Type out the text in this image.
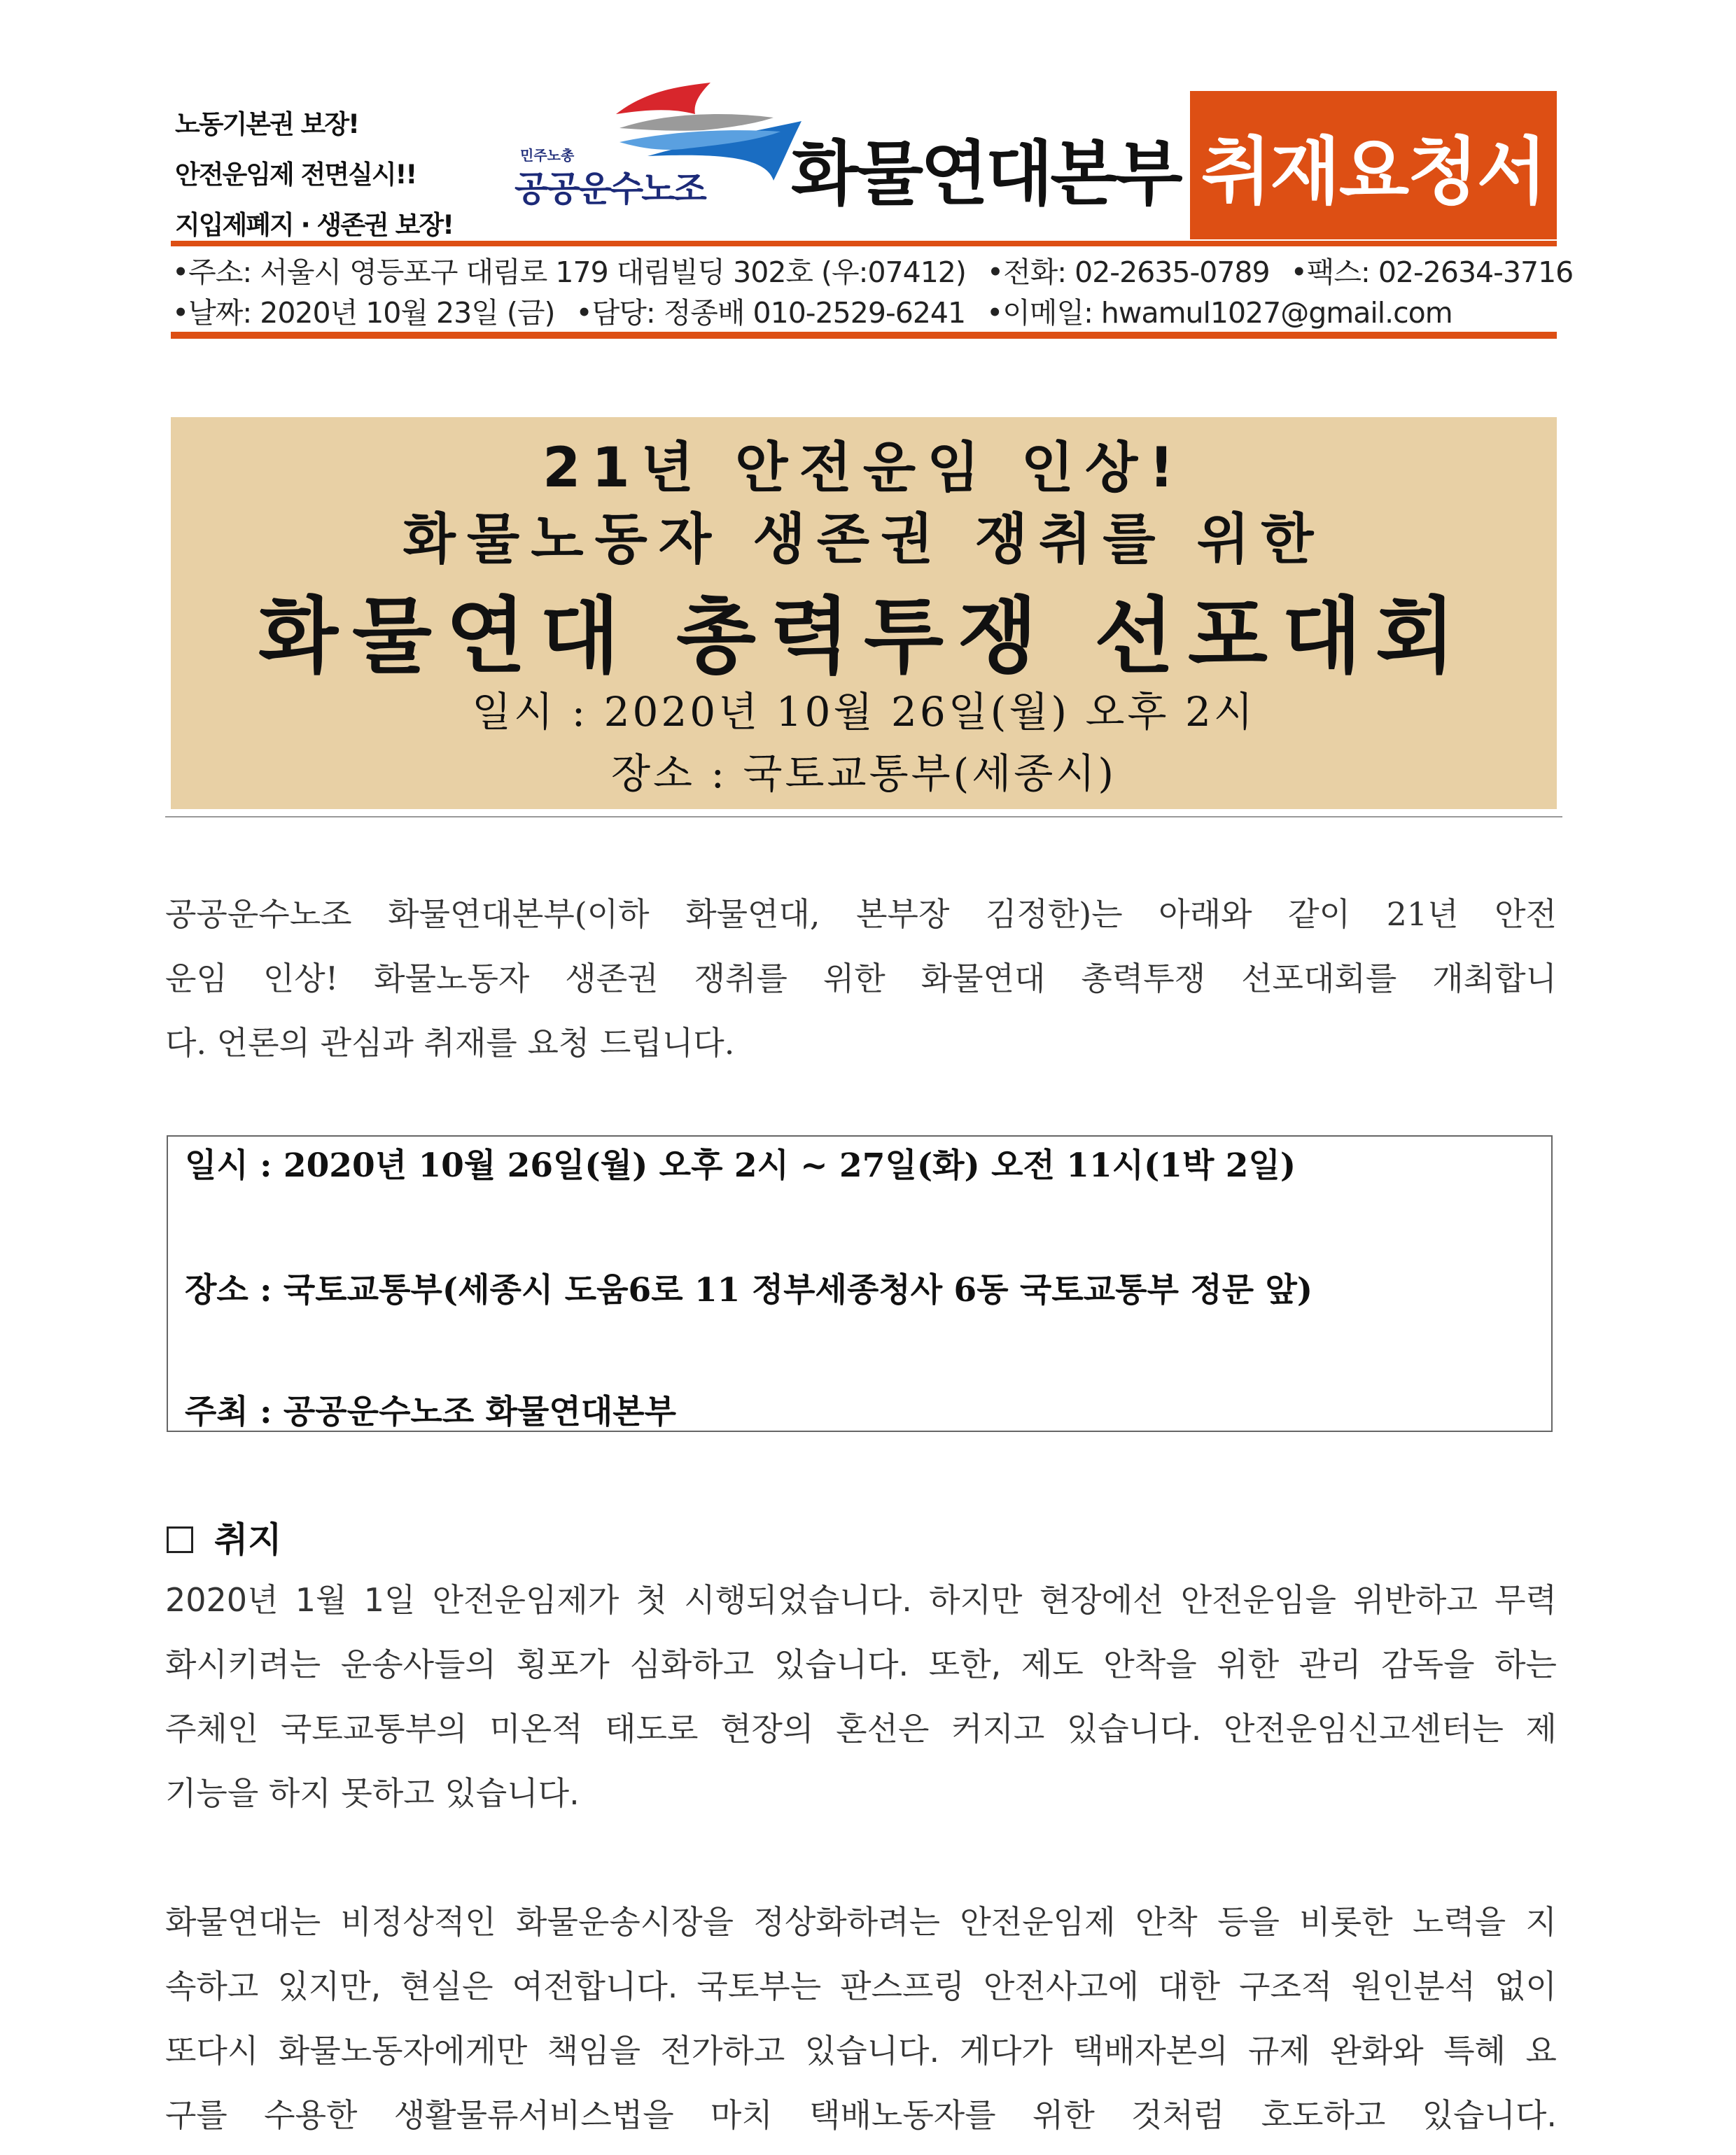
노동기본권 보장!
안전운임제 전면실시!!
지입제폐지 · 생존권 보장!
민주노총
공공운수노조 화물연대본부 취재요청서
•주소: 서울시 영등포구 대림로 179 대림빌딩 302호 (우:07412) •전화: 02-2635-0789 •팩스: 02-2634-3716
•날짜: 2020년 10월 23일 (금) •담당: 정종배 010-2529-6241 •이메일: hwamul1027@gmail.com
21년 안전운임 인상!
화물노동자 생존권 쟁취를 위한
화물연대 총력투쟁 선포대회
일시 : 2020년 10월 26일(월) 오후 2시
장소 : 국토교통부(세종시)
공공운수노조 화물연대본부(이하 화물연대, 본부장 김정한)는 아래와 같이 21년 안전
운임 인상! 화물노동자 생존권 쟁취를 위한 화물연대 총력투쟁 선포대회를 개최합니
다. 언론의 관심과 취재를 요청 드립니다.
일시 : 2020년 10월 26일(월) 오후 2시 ~ 27일(화) 오전 11시(1박 2일)
장소 : 국토교통부(세종시 도움6로 11 정부세종청사 6동 국토교통부 정문 앞)
주최 : 공공운수노조 화물연대본부
취지
2020년 1월 1일 안전운임제가 첫 시행되었습니다. 하지만 현장에선 안전운임을 위반하고 무력
화시키려는 운송사들의 횡포가 심화하고 있습니다. 또한, 제도 안착을 위한 관리 감독을 하는
주체인 국토교통부의 미온적 태도로 현장의 혼선은 커지고 있습니다. 안전운임신고센터는 제
기능을 하지 못하고 있습니다.
화물연대는 비정상적인 화물운송시장을 정상화하려는 안전운임제 안착 등을 비롯한 노력을 지
속하고 있지만, 현실은 여전합니다. 국토부는 판스프링 안전사고에 대한 구조적 원인분석 없이
또다시 화물노동자에게만 책임을 전가하고 있습니다. 게다가 택배자본의 규제 완화와 특혜 요
구를 수용한 생활물류서비스법을 마치 택배노동자를 위한 것처럼 호도하고 있습니다.
